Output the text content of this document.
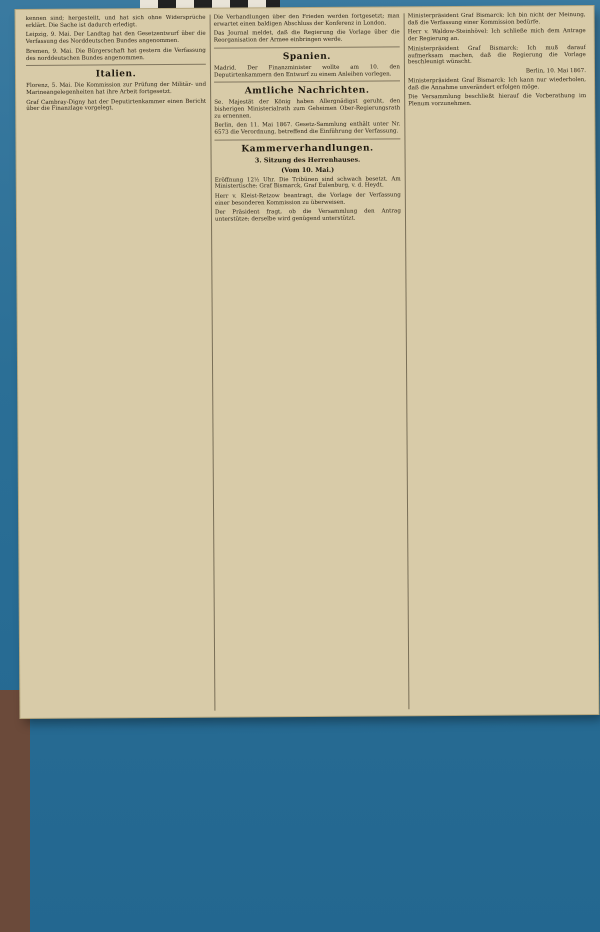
kennen sind; hergestellt, und hat sich ohne Widersprüche erklärt. Die Sache ist dadurch erledigt.

Leipzig, 9. Mai. Der Landtag hat den Gesetzentwurf über die Verfassung des Norddeutschen Bundes angenommen.

Bremen, 9. Mai. Die Bürgerschaft hat gestern die Verfassung des norddeutschen Bundes angenommen.

Italien.

Florenz, 5. Mai. Die Kommission zur Prüfung der Militär- und Marineangelegenheiten hat ihre Arbeit fortgesetzt.

Graf Cambray-Digny hat der Deputirtenkammer einen Bericht über die Finanzlage vorgelegt.

Die Verhandlungen über den Frieden werden fortgesetzt; man erwartet einen baldigen Abschluss der Konferenz in London.

Das Journal meldet, daß die Regierung die Vorlage über die Reorganisation der Armee einbringen werde.

Spanien.

Madrid. Der Finanzminister wollte am 10. den Deputirtenkammern den Entwurf zu einem Anleihen vorlegen.

Amtliche Nachrichten.

Se. Majestät der König haben Allergnädigst geruht, den bisherigen Ministerialrath zum Geheimen Ober-Regierungsrath zu ernennen.

Berlin, den 11. Mai 1867. Gesetz-Sammlung enthält unter Nr. 6573 die Verordnung, betreffend die Einführung der Verfassung.

Kammerverhandlungen.
3. Sitzung des Herrenhauses.
(Vom 10. Mai.)

Eröffnung 12½ Uhr. Die Tribünen sind schwach besetzt. Am Ministertische: Graf Bismarck, Graf Eulenburg, v. d. Heydt.

Herr v. Kleist-Retzow beantragt, die Vorlage der Verfassung einer besonderen Kommission zu überweisen.

Der Präsident fragt, ob die Versammlung den Antrag unterstütze; derselbe wird genügend unterstützt.

Ministerpräsident Graf Bismarck: Ich bin nicht der Meinung, daß die Verfassung einer Kommission bedürfe.

Herr v. Waldow-Steinhövel: Ich schließe mich dem Antrage der Regierung an.

Ministerpräsident Graf Bismarck: Ich muß darauf aufmerksam machen, daß die Regierung die Vorlage beschleunigt wünscht.

Berlin, 10. Mai 1867.

Ministerpräsident Graf Bismarck: Ich kann nur wiederholen, daß die Annahme unverändert erfolgen möge.

Die Versammlung beschließt hierauf die Vorberathung im Plenum vorzunehmen.
